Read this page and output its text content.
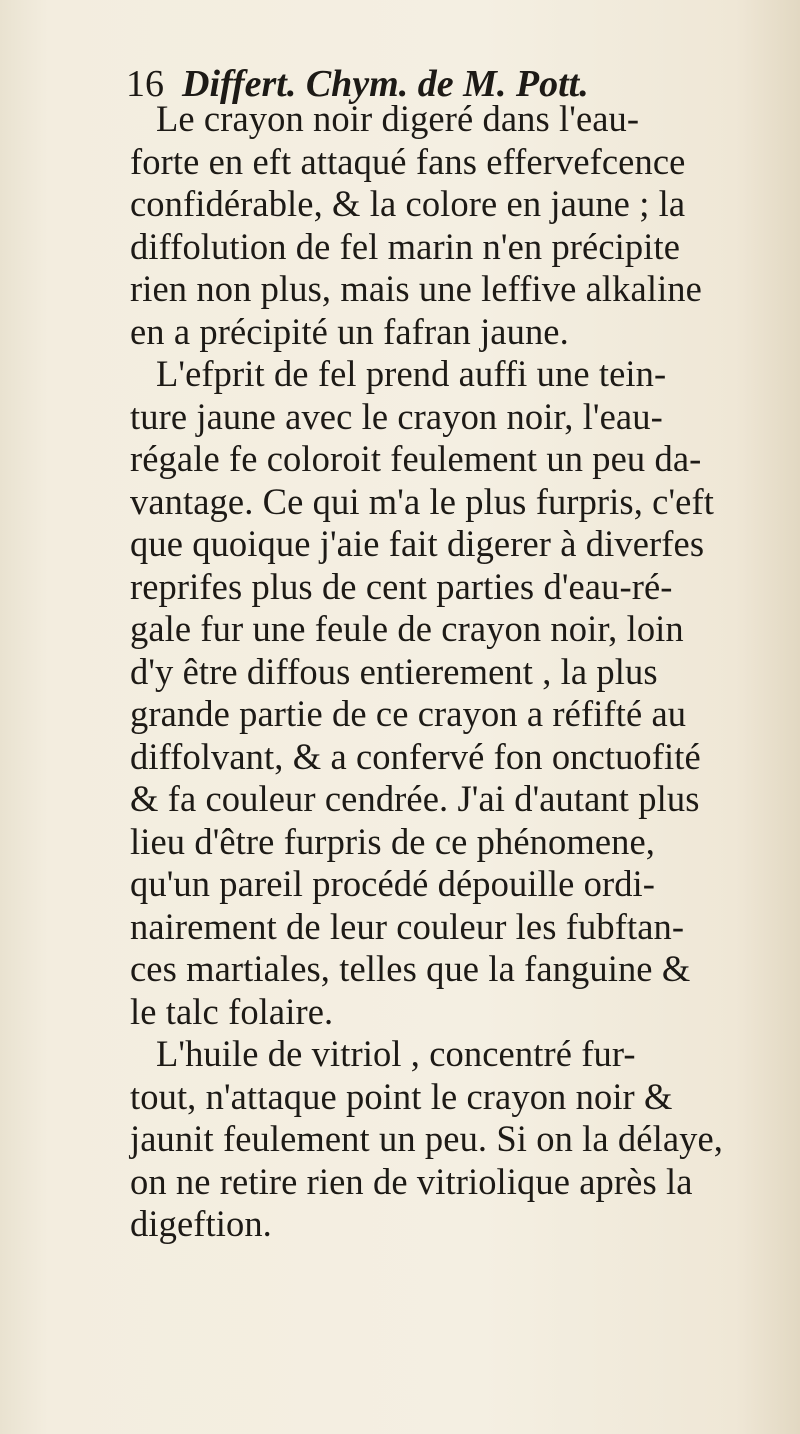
16 Differt. Chym. de M. Pott.
Le crayon noir digeré dans l'eau-
forte en eft attaqué fans effervefcence
confidérable, & la colore en jaune ; la
diffolution de fel marin n'en précipite
rien non plus, mais une leffive alkaline
en a précipité un fafran jaune.
L'efprit de fel prend auffi une tein-
ture jaune avec le crayon noir, l'eau-
régale fe coloroit feulement un peu da-
vantage. Ce qui m'a le plus furpris, c'eft
que quoique j'aie fait digerer à diverfes
reprifes plus de cent parties d'eau-ré-
gale fur une feule de crayon noir, loin
d'y être diffous entierement , la plus
grande partie de ce crayon a réfifté au
diffolvant, & a confervé fon onctuofité
& fa couleur cendrée. J'ai d'autant plus
lieu d'être furpris de ce phénomene,
qu'un pareil procédé dépouille ordi-
nairement de leur couleur les fubftan-
ces martiales, telles que la fanguine &
le talc folaire.
L'huile de vitriol , concentré fur-
tout, n'attaque point le crayon noir &
jaunit feulement un peu. Si on la délaye,
on ne retire rien de vitriolique après la
digeftion.
